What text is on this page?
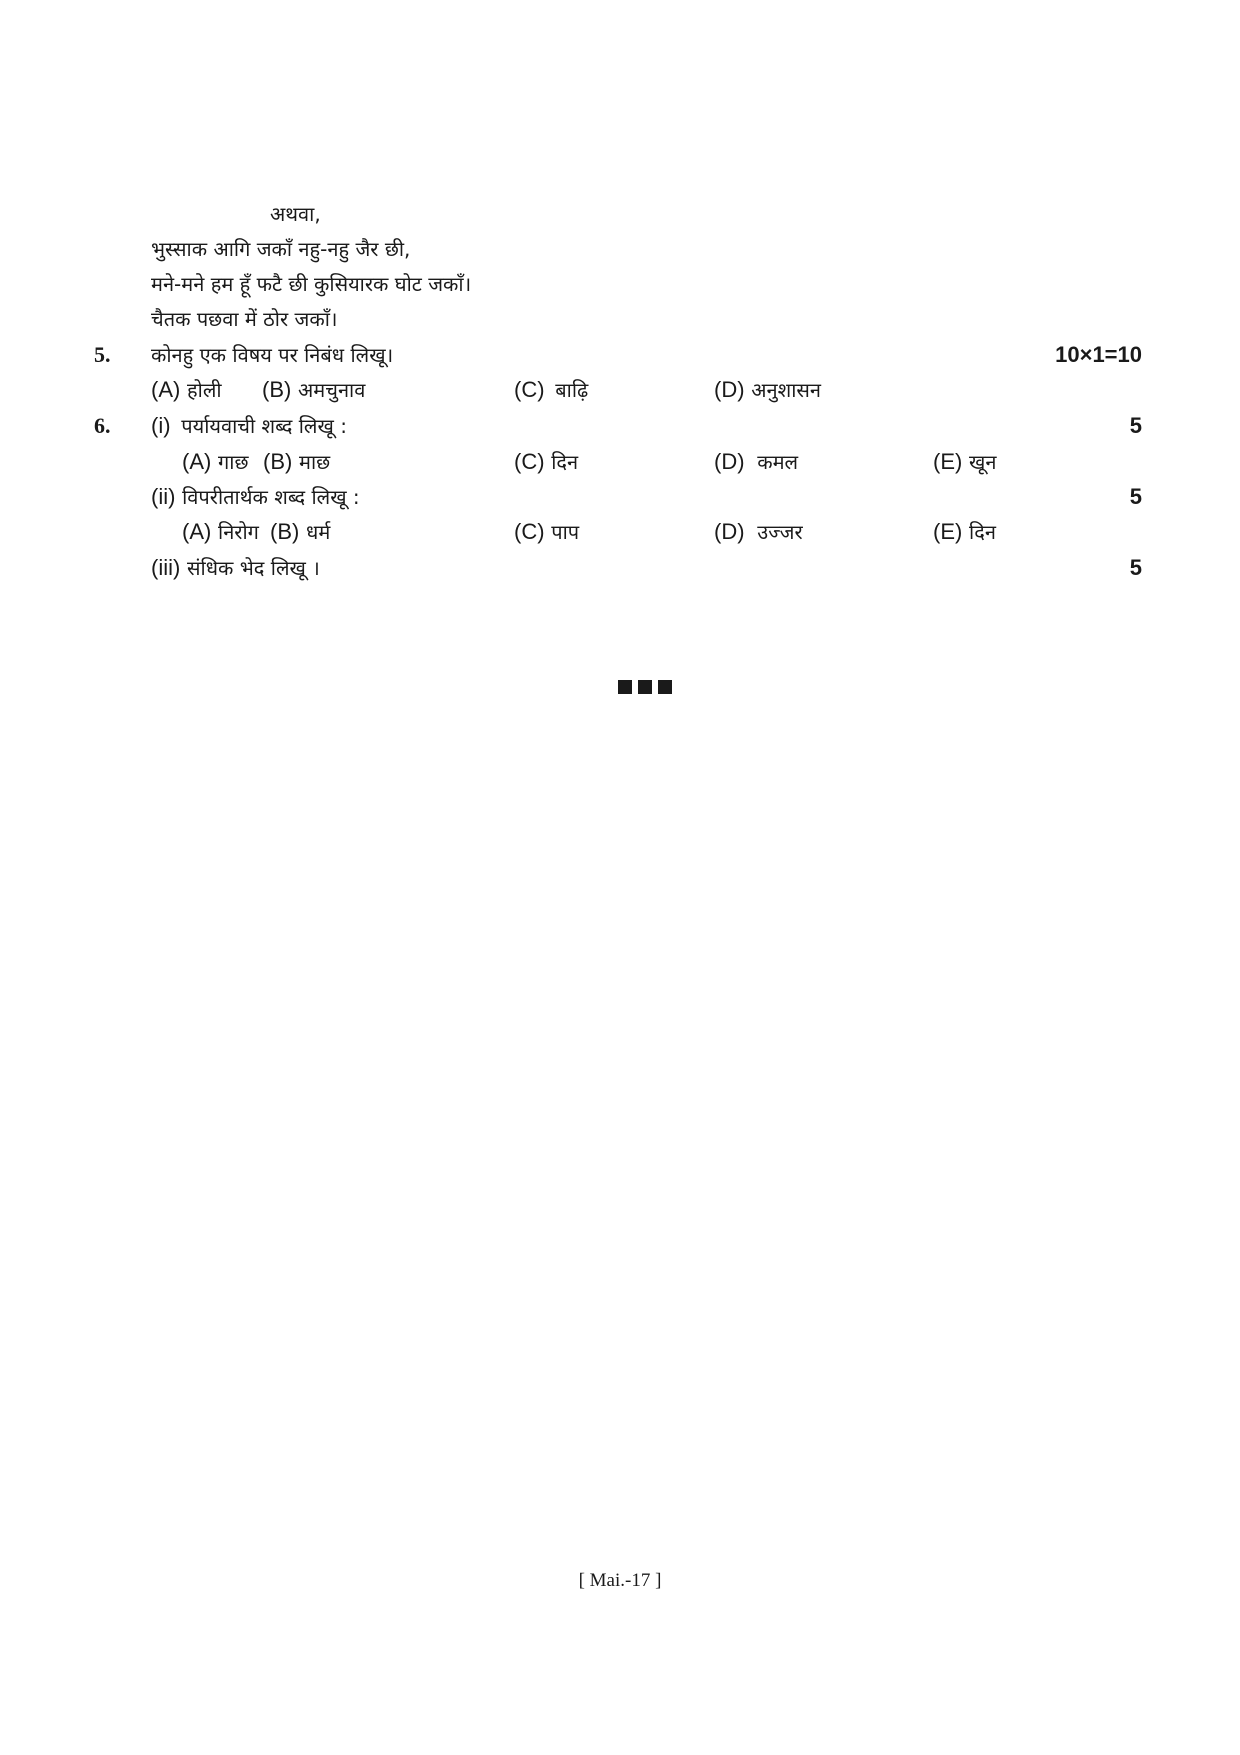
अथवा,
भुस्साक आगि जकाँ नहु-नहु जैर छी,
मने-मने हम हूँ फटै छी कुसियारक घोट जकाँ।
चैतक पछवा में ठोर जकाँ।
5. कोनहु एक विषय पर निबंध लिखू।	10×1=10
(A) होली (B) अमचुनाव	(C) बाढ़ि	(D) अनुशासन
6. (i) पर्यायवाची शब्द लिखू :	5
(A) गाछ (B) माछ	(C) दिन	(D) कमल	(E) खून
(ii) विपरीतार्थक शब्द लिखू :	5
(A) निरोग (B) धर्म	(C) पाप	(D) उज्जर	(E) दिन
(iii) संधिक भेद लिखू ।	5
[ Mai.-17 ]
